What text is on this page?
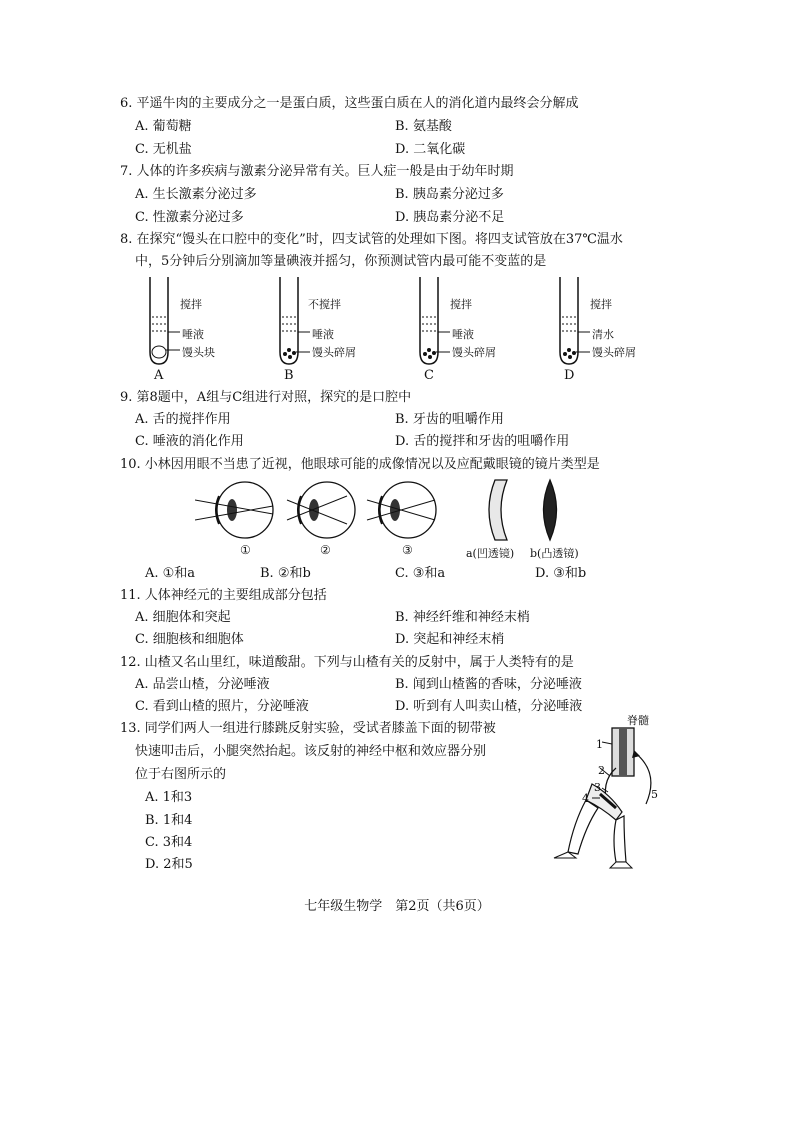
6. 平遥牛肉的主要成分之一是蛋白质，这些蛋白质在人的消化道内最终会分解成
A. 葡萄糖	B. 氨基酸
C. 无机盐	D. 二氧化碳
7. 人体的许多疾病与激素分泌异常有关。巨人症一般是由于幼年时期
A. 生长激素分泌过多	B. 胰岛素分泌过多
C. 性激素分泌过多	D. 胰岛素分泌不足
8. 在探究“馒头在口腔中的变化”时，四支试管的处理如下图。将四支试管放在37℃温水
中，5分钟后分别滴加等量碘液并摇匀，你预测试管内最可能不变蓝的是
搅拌
唾液
馒头块
A
不搅拌
唾液
馒头碎屑
B
搅拌
唾液
馒头碎屑
C
搅拌
清水
馒头碎屑
D
9. 第8题中，A组与C组进行对照，探究的是口腔中
A. 舌的搅拌作用	B. 牙齿的咀嚼作用
C. 唾液的消化作用	D. 舌的搅拌和牙齿的咀嚼作用
10. 小林因用眼不当患了近视，他眼球可能的成像情况以及应配戴眼镜的镜片类型是
①	②	③	a(凹透镜) b(凸透镜)
A. ①和a	B. ②和b	C. ③和a	D. ③和b
11. 人体神经元的主要组成部分包括
A. 细胞体和突起	B. 神经纤维和神经末梢
C. 细胞核和细胞体	D. 突起和神经末梢
12. 山楂又名山里红，味道酸甜。下列与山楂有关的反射中，属于人类特有的是
A. 品尝山楂，分泌唾液	B. 闻到山楂酱的香味，分泌唾液
C. 看到山楂的照片，分泌唾液	D. 听到有人叫卖山楂，分泌唾液
13. 同学们两人一组进行膝跳反射实验，受试者膝盖下面的韧带被
快速叩击后，小腿突然抬起。该反射的神经中枢和效应器分别
位于右图所示的
A. 1和3
B. 1和4
C. 3和4
D. 2和5
脊髓
1
2
3
4	5
七年级生物学　第2页（共6页）
